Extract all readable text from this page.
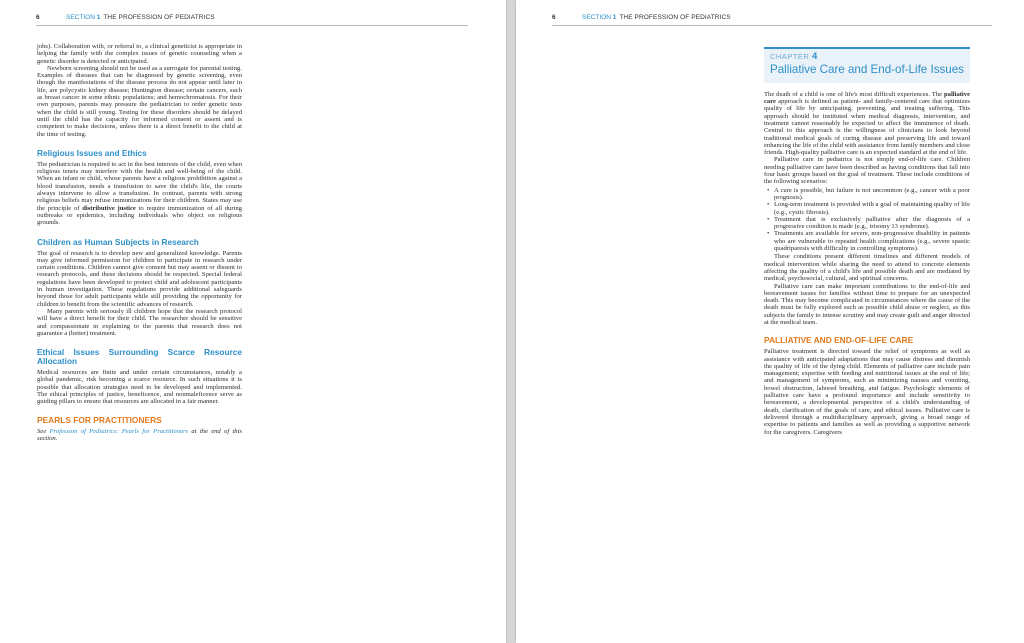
6	SECTION 1 THE PROFESSION OF PEDIATRICS

jobs). Collaboration with, or referral to, a clinical geneticist is appropriate in helping the family with the complex issues of genetic counseling when a genetic disorder is detected or anticipated.

Newborn screening should not be used as a surrogate for parental testing. Examples of diseases that can be diagnosed by genetic screening, even though the manifestations of the disease process do not appear until later in life, are polycystic kidney disease; Huntington disease; certain cancers, such as breast cancer in some ethnic populations; and hemochromatosis. For their own purposes, parents may pressure the pediatrician to order genetic tests when the child is still young. Testing for these disorders should be delayed until the child has the capacity for informed consent or assent and is competent to make decisions, unless there is a direct benefit to the child at the time of testing.

Religious Issues and Ethics

The pediatrician is required to act in the best interests of the child, even when religious tenets may interfere with the health and well-being of the child. When an infant or child, whose parents have a religious prohibition against a blood transfusion, needs a transfusion to save the child's life, the courts always intervene to allow a transfusion. In contrast, parents with strong religious beliefs may refuse immunizations for their children. States may use the principle of distributive justice to require immunization of all during outbreaks or epidemics, including individuals who object on religious grounds.

Children as Human Subjects in Research

The goal of research is to develop new and generalized knowledge. Parents may give informed permission for children to participate in research under certain conditions. Children cannot give consent but may assent or dissent to research protocols, and these decisions should be respected. Special federal regulations have been developed to protect child and adolescent participants in human investigation. These regulations provide additional safeguards beyond those for adult participants while still providing the opportunity for children to benefit from the scientific advances of research.

Many parents with seriously ill children hope that the research protocol will have a direct benefit for their child. The researcher should be sensitive and compassionate in explaining to the parents that research does not guarantee a (better) treatment.

Ethical Issues Surrounding Scarce Resource Allocation

Medical resources are finite and under certain circumstances, notably a global pandemic, risk becoming a scarce resource. In such situations it is possible that allocation strategies need to be developed and implemented. The ethical principles of justice, beneficence, and nonmaleficence serve as guiding pillars to ensure that resources are allocated in a fair manner.

PEARLS FOR PRACTITIONERS

See Profession of Pediatrics: Pearls for Practitioners at the end of this section.

6	SECTION 1 THE PROFESSION OF PEDIATRICS
CHAPTER 4
Palliative Care and End-of-Life Issues

The death of a child is one of life's most difficult experiences. The palliative care approach is defined as patient- and family-centered care that optimizes quality of life by anticipating, preventing, and treating suffering. This approach should be instituted when medical diagnosis, intervention, and treatment cannot reasonably be expected to affect the imminence of death. Central to this approach is the willingness of clinicians to look beyond traditional medical goals of curing disease and preserving life and toward enhancing the life of the child with assistance from family members and close friends. High-quality palliative care is an expected standard at the end of life.

Palliative care in pediatrics is not simply end-of-life care. Children needing palliative care have been described as having conditions that fall into four basic groups based on the goal of treatment. These include conditions of the following scenarios:

• A cure is possible, but failure is not uncommon (e.g., cancer with a poor prognosis).
• Long-term treatment is provided with a goal of maintaining quality of life (e.g., cystic fibrosis).
• Treatment that is exclusively palliative after the diagnosis of a progressive condition is made (e.g., trisomy 13 syndrome).
• Treatments are available for severe, non-progressive disability in patients who are vulnerable to repeated health complications (e.g., severe spastic quadriparesis with difficulty in controlling symptoms).

These conditions present different timelines and different models of medical intervention while sharing the need to attend to concrete elements affecting the quality of a child's life and possible death and are mediated by medical, psychosocial, cultural, and spiritual concerns.

Palliative care can make important contributions to the end-of-life and bereavement issues for families without time to prepare for an unexpected death. This may become complicated in circumstances where the cause of the death must be fully explored such as possible child abuse or neglect, as this subjects the family to intense scrutiny and may create guilt and anger directed at the medical team.

PALLIATIVE AND END-OF-LIFE CARE

Palliative treatment is directed toward the relief of symptoms as well as assistance with anticipated adaptations that may cause distress and diminish the quality of life of the dying child. Elements of palliative care include pain management; expertise with feeding and nutritional issues at the end of life; and management of symptoms, such as minimizing nausea and vomiting, bowel obstruction, labored breathing, and fatigue. Psychologic elements of palliative care have a profound importance and include sensitivity to bereavement, a developmental perspective of a child's understanding of death, clarification of the goals of care, and ethical issues. Palliative care is delivered through a multidisciplinary approach, giving a broad range of expertise to patients and families as well as providing a supportive network for the caregivers. Caregivers
